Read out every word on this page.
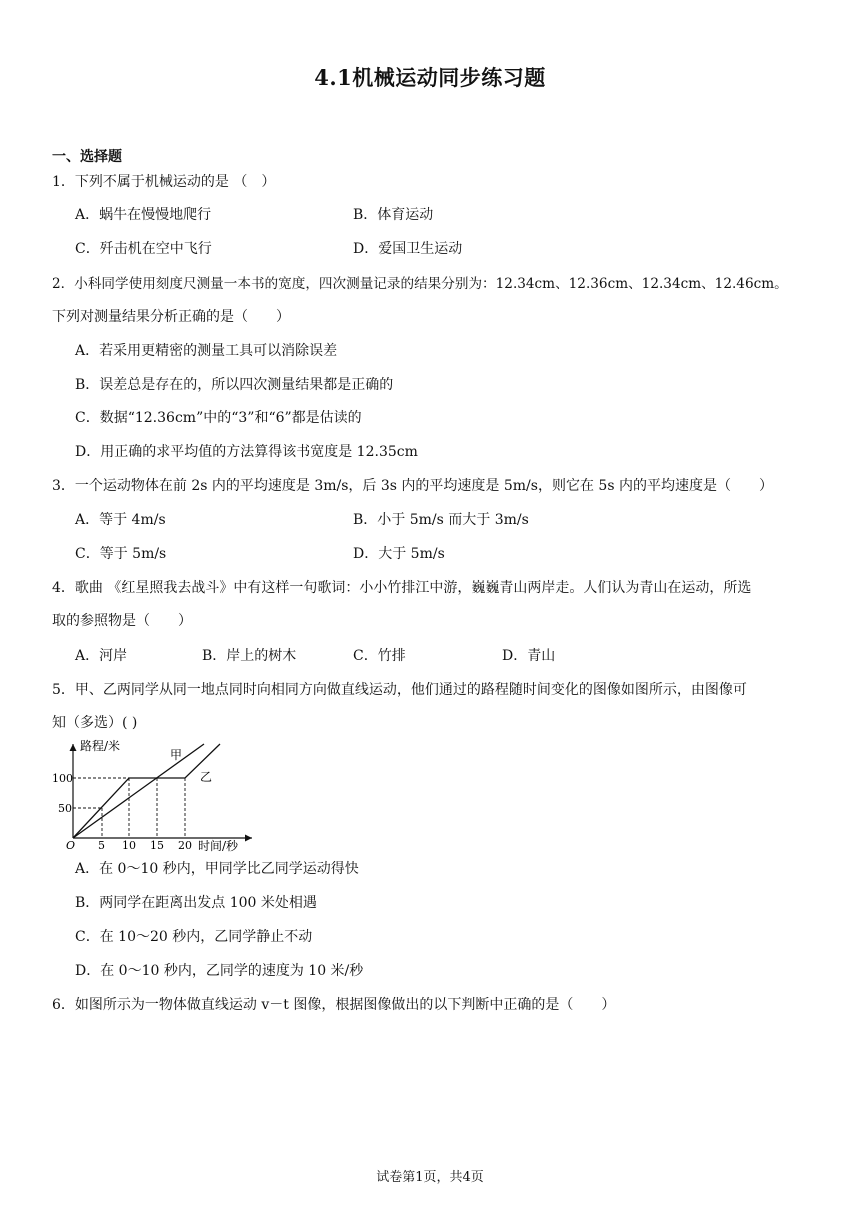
4.1机械运动同步练习题
一、选择题
1．下列不属于机械运动的是 （　）
A．蜗牛在慢慢地爬行	B．体育运动
C．歼击机在空中飞行	D．爱国卫生运动
2．小科同学使用刻度尺测量一本书的宽度，四次测量记录的结果分别为：12.34cm、12.36cm、12.34cm、12.46cm。
下列对测量结果分析正确的是（　　）
A．若采用更精密的测量工具可以消除误差
B．误差总是存在的，所以四次测量结果都是正确的
C．数据“12.36cm”中的“3”和“6”都是估读的
D．用正确的求平均值的方法算得该书宽度是 12.35cm
3．一个运动物体在前 2s 内的平均速度是 3m/s，后 3s 内的平均速度是 5m/s，则它在 5s 内的平均速度是（　　）
A．等于 4m/s	B．小于 5m/s 而大于 3m/s
C．等于 5m/s	D．大于 5m/s
4．歌曲 《红星照我去战斗》中有这样一句歌词：小小竹排江中游，巍巍青山两岸走。人们认为青山在运动，所选
取的参照物是（　　）
A．河岸	B．岸上的树木	C．竹排	D．青山
5．甲、乙两同学从同一地点同时向相同方向做直线运动，他们通过的路程随时间变化的图像如图所示，由图像可
知（多选）( )
路程/米
时间/秒
O
100
50
5 10 15 20
甲
乙
A．在 0～10 秒内，甲同学比乙同学运动得快
B．两同学在距离出发点 100 米处相遇
C．在 10～20 秒内，乙同学静止不动
D．在 0～10 秒内，乙同学的速度为 10 米/秒
6．如图所示为一物体做直线运动 v－t 图像，根据图像做出的以下判断中正确的是（　　）
试卷第1页，共4页
